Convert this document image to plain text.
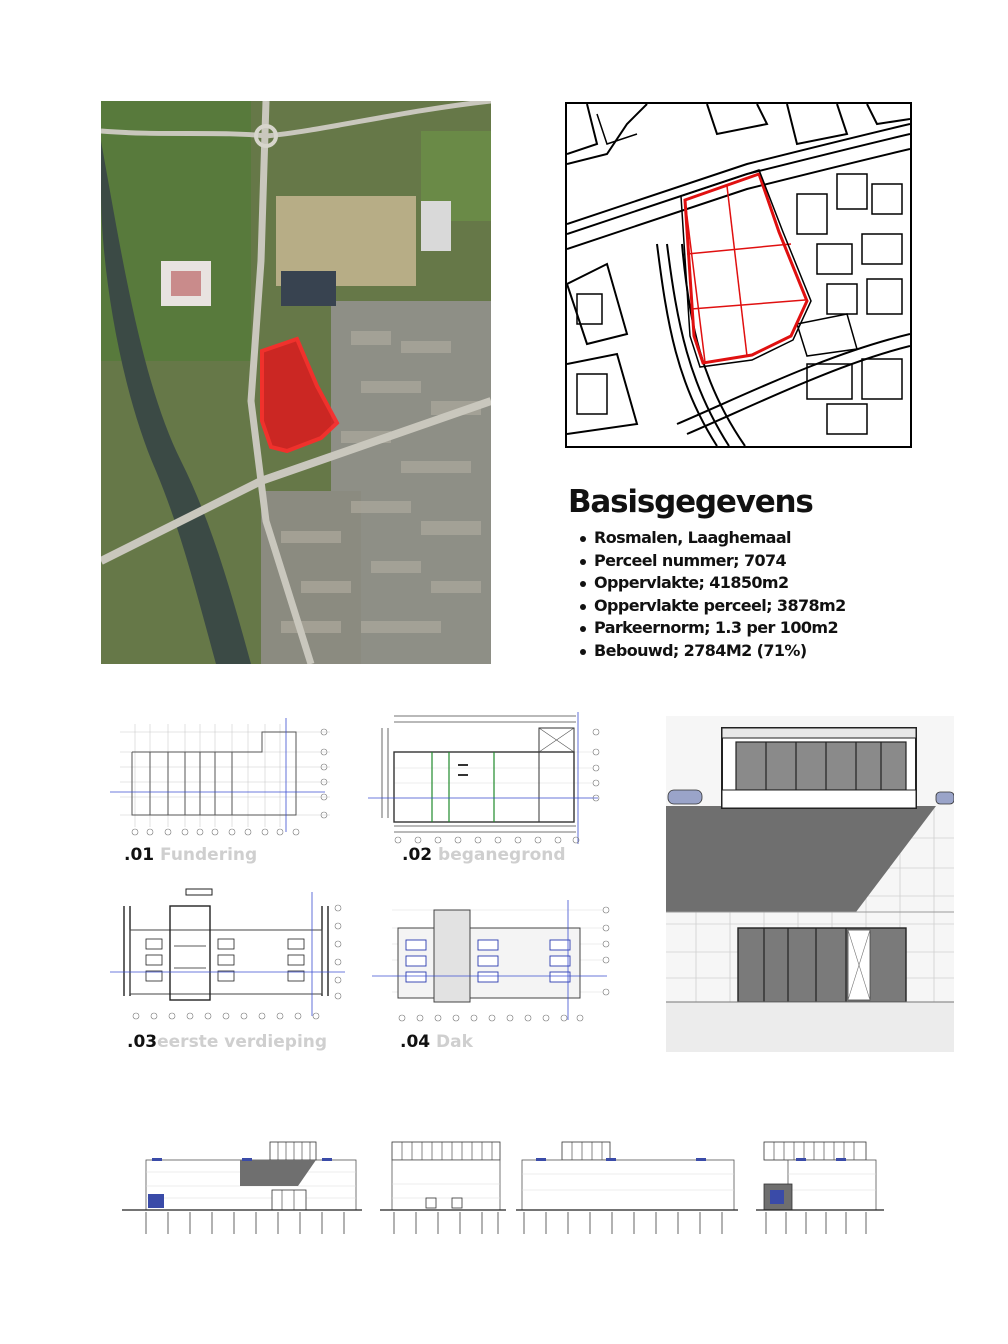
Basisgegevens
Rosmalen, Laaghemaal
Perceel nummer; 7074
Oppervlakte; 41850m2
Oppervlakte perceel; 3878m2
Parkeernorm; 1.3 per 100m2
Bebouwd; 2784M2 (71%)
.01 Fundering	.02 beganegrond
.03eerste verdieping	.04 Dak
